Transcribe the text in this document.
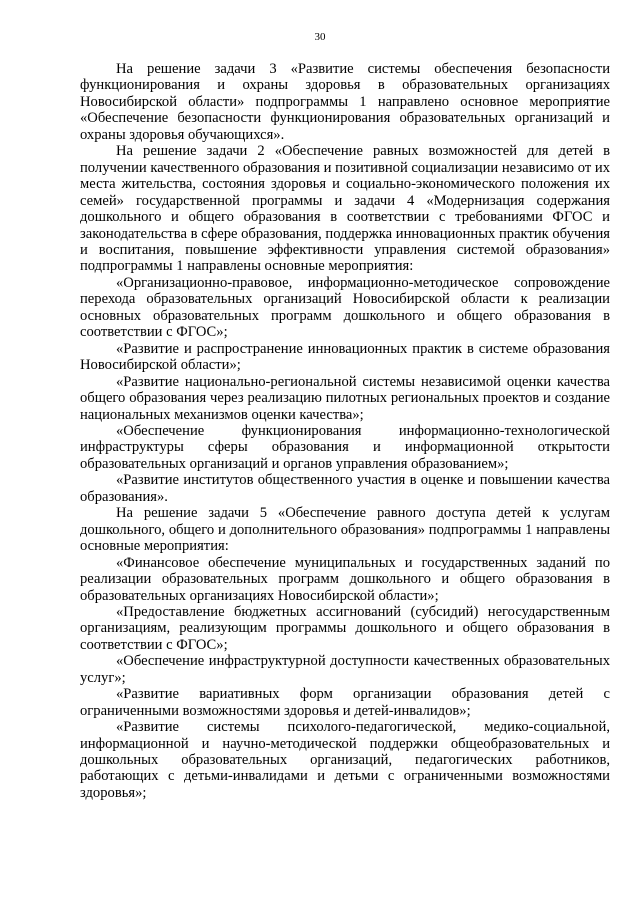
30

На решение задачи 3 «Развитие системы обеспечения безопасности функционирования и охраны здоровья в образовательных организациях Новосибирской области» подпрограммы 1 направлено основное мероприятие «Обеспечение безопасности функционирования образовательных организаций и охраны здоровья обучающихся».

На решение задачи 2 «Обеспечение равных возможностей для детей в получении качественного образования и позитивной социализации независимо от их места жительства, состояния здоровья и социально-экономического положения их семей» государственной программы и задачи 4 «Модернизация содержания дошкольного и общего образования в соответствии с требованиями ФГОС и законодательства в сфере образования, поддержка инновационных практик обучения и воспитания, повышение эффективности управления системой образования» подпрограммы 1 направлены основные мероприятия:

«Организационно-правовое, информационно-методическое сопровождение перехода образовательных организаций Новосибирской области к реализации основных образовательных программ дошкольного и общего образования в соответствии с ФГОС»;

«Развитие и распространение инновационных практик в системе образования Новосибирской области»;

«Развитие национально-региональной системы независимой оценки качества общего образования через реализацию пилотных региональных проектов и создание национальных механизмов оценки качества»;

«Обеспечение функционирования информационно-технологической инфраструктуры сферы образования и информационной открытости образовательных организаций и органов управления образованием»;

«Развитие институтов общественного участия в оценке и повышении качества образования».

На решение задачи 5 «Обеспечение равного доступа детей к услугам дошкольного, общего и дополнительного образования» подпрограммы 1 направлены основные мероприятия:

«Финансовое обеспечение муниципальных и государственных заданий по реализации образовательных программ дошкольного и общего образования в образовательных организациях Новосибирской области»;

«Предоставление бюджетных ассигнований (субсидий) негосударственным организациям, реализующим программы дошкольного и общего образования в соответствии с ФГОС»;

«Обеспечение инфраструктурной доступности качественных образовательных услуг»;

«Развитие вариативных форм организации образования детей с ограниченными возможностями здоровья и детей-инвалидов»;

«Развитие системы психолого-педагогической, медико-социальной, информационной и научно-методической поддержки общеобразовательных и дошкольных образовательных организаций, педагогических работников, работающих с детьми-инвалидами и детьми с ограниченными возможностями здоровья»;
